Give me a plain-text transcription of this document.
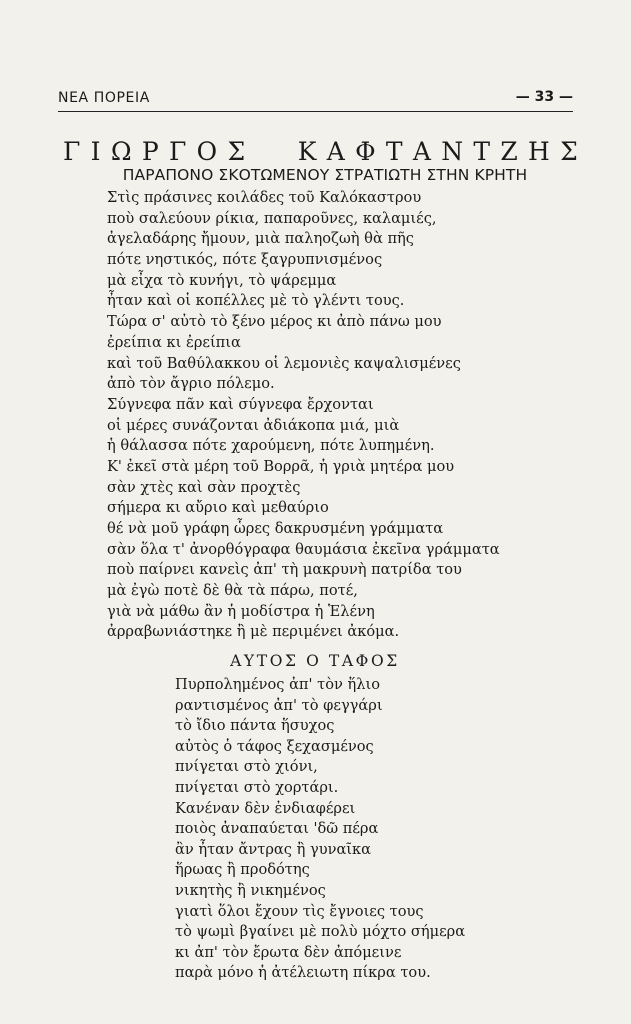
ΝΕΑ ΠΟΡΕΙΑ	— 33 —
Γ Ι Ω Ρ Γ Ο Σ Κ Α Φ Τ Α Ν Τ Ζ Η Σ
ΠΑΡΑΠΟΝΟ ΣΚΟΤΩΜΕΝΟΥ ΣΤΡΑΤΙΩΤΗ ΣΤΗΝ ΚΡΗΤΗ
Στὶς πράσινες κοιλάδες τοῦ Καλόκαστρου
ποὺ σαλεύουν ρίκια, παπαροῦνες, καλαμιές,
ἀγελαδάρης ἤμουν, μιὰ παληοζωὴ θὰ πῆς
πότε νηστικός, πότε ξαγρυπνισμένος
μὰ εἶχα τὸ κυνήγι, τὸ ψάρεμμα
ἦταν καὶ οἱ κοπέλλες μὲ τὸ γλέντι τους.
Τώρα σ' αὐτὸ τὸ ξένο μέρος κι ἀπὸ πάνω μου
ἐρείπια κι ἐρείπια
καὶ τοῦ Βαθύλακκου οἱ λεμονιὲς καψαλισμένες
ἀπὸ τὸν ἄγριο πόλεμο.
Σύγνεφα πᾶν καὶ σύγνεφα ἔρχονται
οἱ μέρες συνάζονται ἀδιάκοπα μιά, μιὰ
ἡ θάλασσα πότε χαρούμενη, πότε λυπημένη.
Κ' ἐκεῖ στὰ μέρη τοῦ Βορρᾶ, ἡ γριὰ μητέρα μου
σὰν χτὲς καὶ σὰν προχτὲς
σήμερα κι αὔριο καὶ μεθαύριο
θέ νὰ μοῦ γράφη ὧρες δακρυσμένη γράμματα
σὰν ὅλα τ' ἀνορθόγραφα θαυμάσια ἐκεῖνα γράμματα
ποὺ παίρνει κανεὶς ἀπ' τὴ μακρυνὴ πατρίδα του
μὰ ἐγὼ ποτὲ δὲ θὰ τὰ πάρω, ποτέ,
γιὰ νὰ μάθω ἂν ἡ μοδίστρα ἡ Ἑλένη
ἀρραβωνιάστηκε ἢ μὲ περιμένει ἀκόμα.
ΑΥΤΟΣ Ο ΤΑΦΟΣ
Πυρπολημένος ἀπ' τὸν ἥλιο
ραντισμένος ἀπ' τὸ φεγγάρι
τὸ ἴδιο πάντα ἥσυχος
αὐτὸς ὁ τάφος ξεχασμένος
πνίγεται στὸ χιόνι,
πνίγεται στὸ χορτάρι.
Κανέναν δὲν ἐνδιαφέρει
ποιὸς ἀναπαύεται 'δῶ πέρα
ἂν ἦταν ἄντρας ἢ γυναῖκα
ἥρωας ἢ προδότης
νικητὴς ἢ νικημένος
γιατὶ ὅλοι ἔχουν τὶς ἔγνοιες τους
τὸ ψωμὶ βγαίνει μὲ πολὺ μόχτο σήμερα
κι ἀπ' τὸν ἔρωτα δὲν ἀπόμεινε
παρὰ μόνο ἡ ἀτέλειωτη πίκρα του.
